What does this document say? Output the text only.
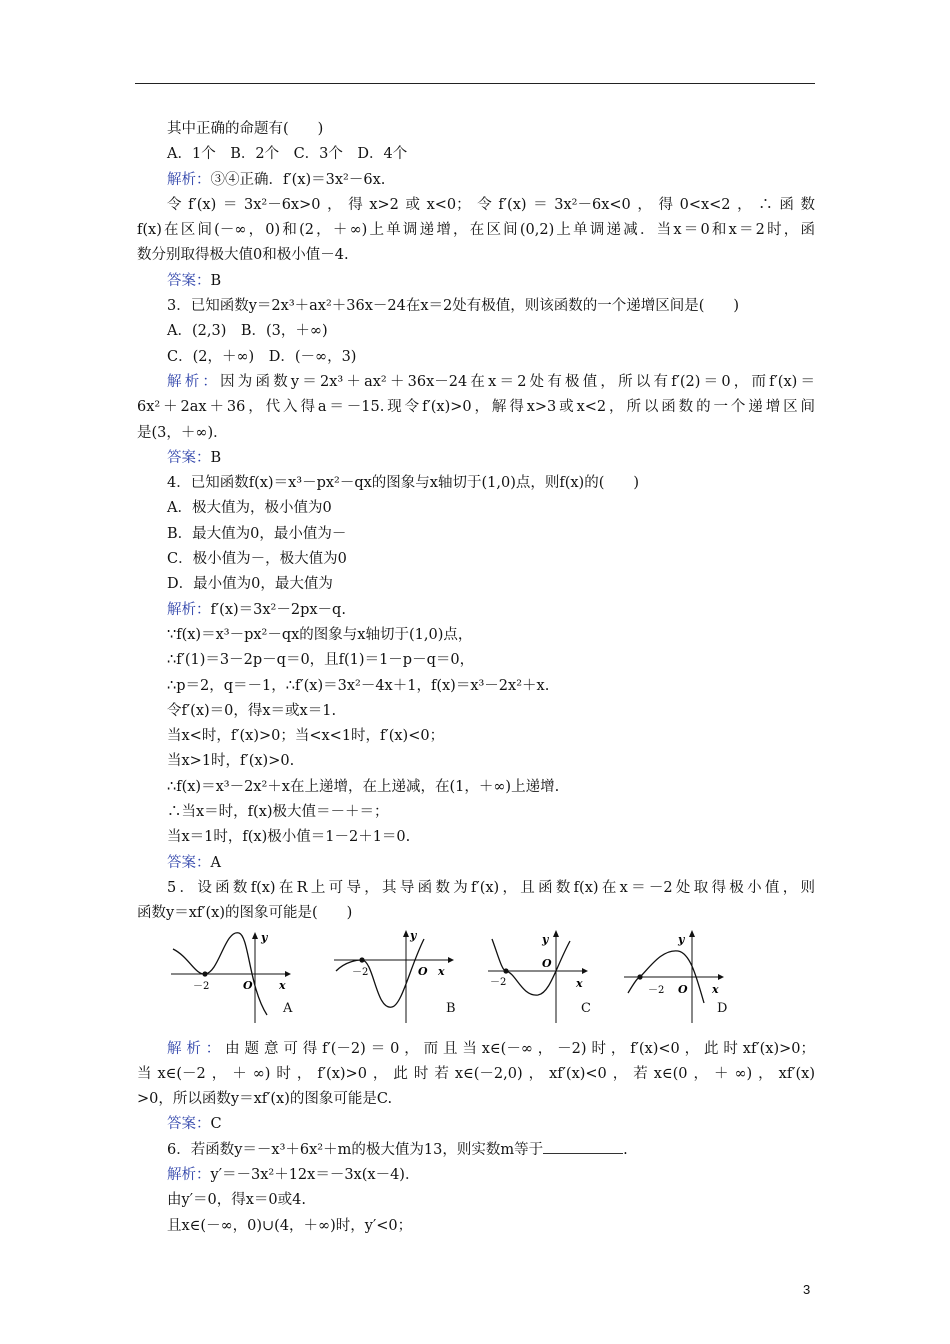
其中正确的命题有(　　)
A．1个　B．2个　C．3个　D．4个
解析：③④正确．f′(x)＝3x²－6x.
令f′(x)＝3x²－6x>0，得x>2或x<0；令f′(x)＝3x²－6x<0，得0<x<2，∴函数
f(x)在区间(－∞，0)和(2，＋∞)上单调递增，在区间(0,2)上单调递减．当x＝0和x＝2时，函
数分别取得极大值0和极小值－4.
答案：B
3．已知函数y＝2x³＋ax²＋36x－24在x＝2处有极值，则该函数的一个递增区间是(　　)
A．(2,3)　B．(3，＋∞)
C．(2，＋∞)　D．(－∞，3)
解析：因为函数y＝2x³＋ax²＋36x－24在x＝2处有极值，所以有f′(2)＝0，而f′(x)＝
6x²＋2ax＋36，代入得a＝－15.现令f′(x)>0，解得x>3或x<2，所以函数的一个递增区间
是(3，＋∞)．
答案：B
4．已知函数f(x)＝x³－px²－qx的图象与x轴切于(1,0)点，则f(x)的(　　)
A．极大值为，极小值为0
B．最大值为0，最小值为－
C．极小值为－，极大值为0
D．最小值为0，最大值为
解析：f′(x)＝3x²－2px－q.
∵f(x)＝x³－px²－qx的图象与x轴切于(1,0)点，
∴f′(1)＝3－2p－q＝0，且f(1)＝1－p－q＝0，
∴p＝2，q＝－1，∴f′(x)＝3x²－4x＋1，f(x)＝x³－2x²＋x.
令f′(x)＝0，得x＝或x＝1.
当x<时，f′(x)>0；当<x<1时，f′(x)<0；
当x>1时，f′(x)>0.
∴f(x)＝x³－2x²＋x在上递增，在上递减，在(1，＋∞)上递增.
∴当x＝时，f(x)极大值＝－＋＝；
当x＝1时，f(x)极小值＝1－2＋1＝0.
答案：A
5．设函数f(x)在R上可导，其导函数为f′(x)，且函数f(x)在x＝－2处取得极小值，则
函数y＝xf′(x)的图象可能是(　　)
y
x
O
－2
A
y
x
O
－2
B
y
x
O
－2
C
y
x
O
－2
D
解析：由题意可得f′(－2)＝0，而且当x∈(－∞，－2)时，f′(x)<0，此时xf′(x)>0；
当x∈(－2，＋∞)时，f′(x)>0，此时若x∈(－2,0)，xf′(x)<0，若x∈(0，＋∞)，xf′(x)
>0，所以函数y＝xf′(x)的图象可能是C.
答案：C
6．若函数y＝－x³＋6x²＋m的极大值为13，则实数m等于	.
解析：y′＝－3x²＋12x＝－3x(x－4)．
由y′＝0，得x＝0或4.
且x∈(－∞，0)∪(4，＋∞)时，y′<0；
3
